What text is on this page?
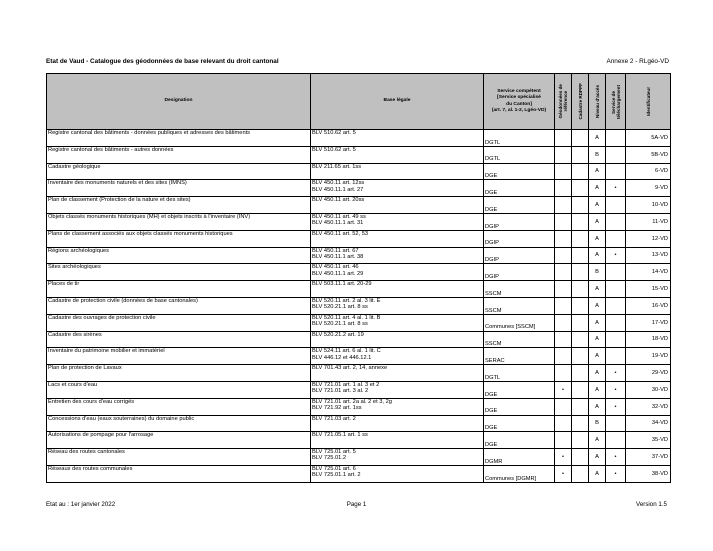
Etat de Vaud - Catalogue des géodonnées de base relevant du droit cantonal	Annexe 2 - RLgéo-VD
Designation	Base légale	Service compétent
[Service spécialisé
du Canton]
(art. 7, al. 1-2, Lgéo-VD)	Géodonnées de référence	Cadastre RDPPF	Niveau d'accès	Service de téléchargement	Identificateur

Registre cantonal des bâtiments - données publiques et adresses des bâtiments	BLV 510.62 art. 5	DGTL			A		5A-VD

Registre cantonal des bâtiments - autres données	BLV 510.62 art. 5	DGTL			B		5B-VD

Cadastre géologique	BLV 211.65 art. 1ss	DGE			A		6-VD

Inventaire des monuments naturels et des sites (IMNS)	BLV 450.11 art. 12ss
BLV 450.11.1 art. 27	DGE			A	•	9-VD

Plan de classement (Protection de la nature et des sites)	BLV 450.11 art. 20ss	DGE			A		10-VD

Objets classés monuments historiques (MH) et objets inscrits à l'inventaire (INV)	BLV 450.11 art. 49 ss
BLV 450.11.1 art. 31	DGIP			A		11-VD

Plans de classement associés aux objets classés monuments historiques	BLV 450.11 art. 52, 53	DGIP			A		12-VD

Régions archéologiques	BLV 450.11 art. 67
BLV 450.11.1 art. 38	DGIP			A	•	13-VD

Sites archéologiques	BLV 450.11 art. 46
BLV 450.11.1 art. 29	DGIP			B		14-VD

Places de tir	BLV 503.11.1 art. 20-29	SSCM			A		15-VD

Cadastre de protection civile (données de base cantonales)	BLV 520.11 art. 2 al. 3 lit. E
BLV 520.21.1 art. 8 ss	SSCM			A		16-VD

Cadastre des ouvrages de protection civile	BLV 520.11 art. 4 al. 1 lit. B
BLV 520.21.1 art. 8 ss	Communes [SSCM]			A		17-VD

Cadastre des sirènes	BLV 520.21.2 art. 19	SSCM			A		18-VD

Inventaire du patrimoine mobilier et immatériel	BLV 524.11 art. 6 al. 1 lit. C
BLV 446.12 et 446.12.1	SERAC			A		19-VD

Plan de protection de Lavaux	BLV 701.43 art. 2, 14, annexe	DGTL			A	•	29-VD

Lacs et cours d'eau	BLV 721.01 art. 1 al. 3 et 2
BLV 721.01 art. 3 al. 2	DGE	•		A	•	30-VD

Entretien des cours d'eau corrigés	BLV 721.01 art. 2a al. 2 et 3, 2g
BLV 721.92 art. 1ss	DGE			A	•	32-VD

Concessions d'eau (eaux souterraines) du domaine public	BLV 721.03 art. 2	DGE			B		34-VD

Autorisations de pompage pour l'arrosage	BLV 721.05.1 art. 1 ss	DGE			A		35-VD

Réseau des routes cantonales	BLV 725.01 art. 5
BLV 725.01.2	DGMR	•		A	•	37-VD

Réseaux des routes communales	BLV 725.01 art. 6
BLV 725.01.1 art. 2	Communes [DGMR]	•		A	•	38-VD
Etat au : 1er janvier 2022	Page 1	Version 1.5
